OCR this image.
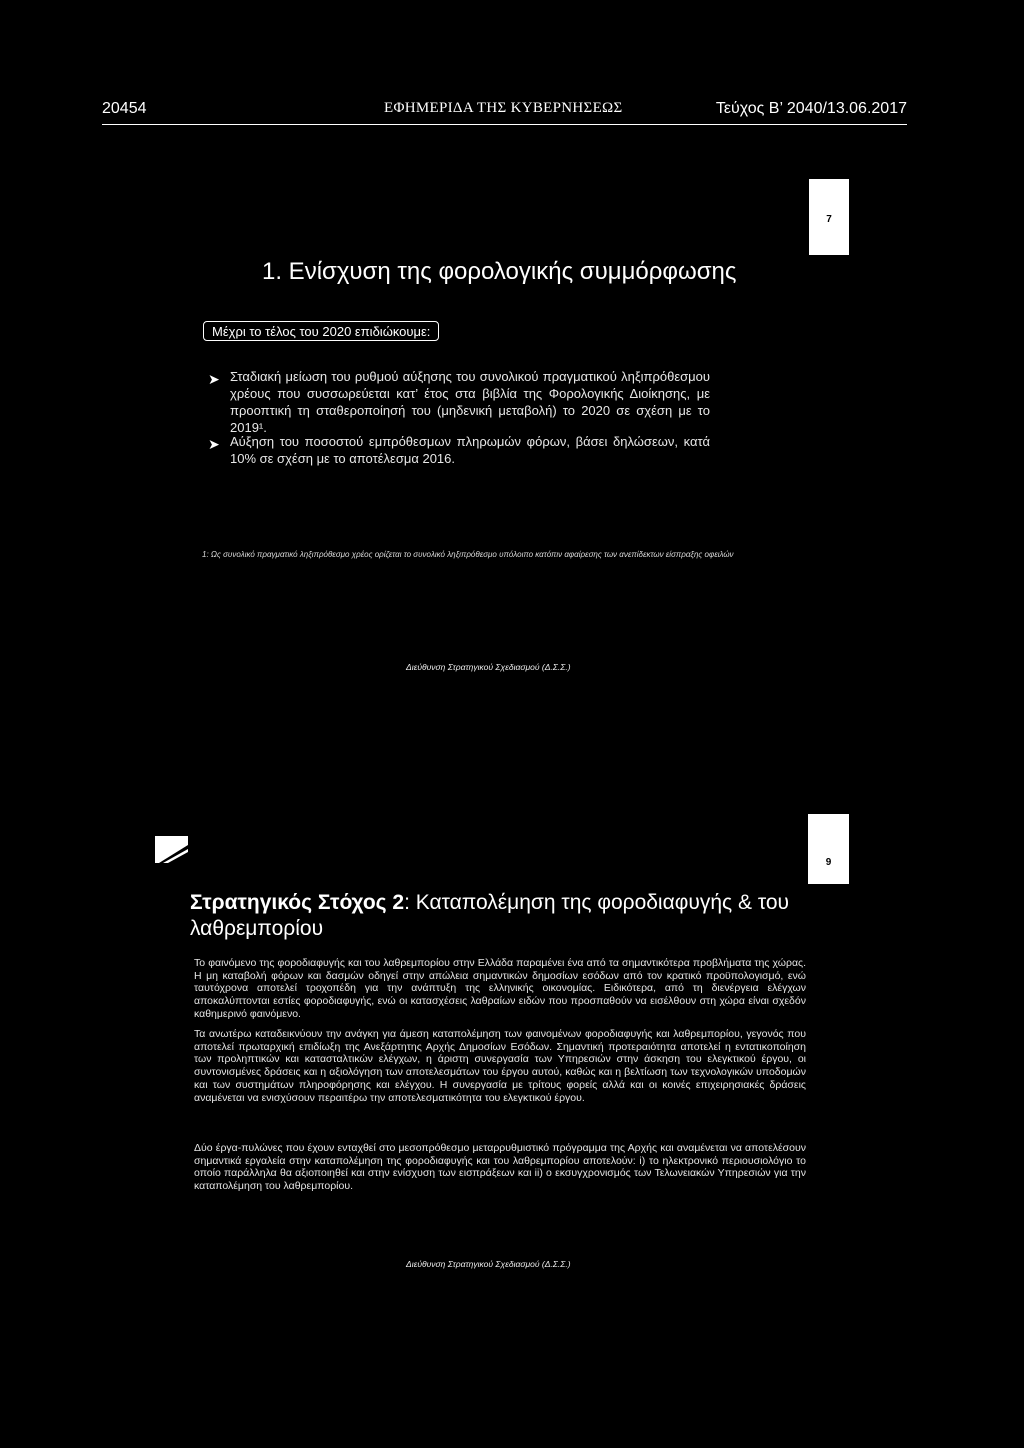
20454	ΕΦΗΜΕΡΙΔΑ ΤΗΣ ΚΥΒΕΡΝΗΣΕΩΣ	Τεύχος Β’ 2040/13.06.2017
7
1. Ενίσχυση της φορολογικής συμμόρφωσης
Μέχρι το τέλος του 2020 επιδιώκουμε:
➤ Σταδιακή μείωση του ρυθμού αύξησης του συνολικού πραγματικού ληξιπρόθεσμου χρέους που συσσωρεύεται κατ’ έτος στα βιβλία της Φορολογικής Διοίκησης, με προοπτική τη σταθεροποίησή του (μηδενική μεταβολή) το 2020 σε σχέση με το 2019¹.
➤ Αύξηση του ποσοστού εμπρόθεσμων πληρωμών φόρων, βάσει δηλώσεων, κατά 10% σε σχέση με το αποτέλεσμα 2016.
1: Ως συνολικό πραγματικό ληξιπρόθεσμο χρέος ορίζεται το συνολικό ληξιπρόθεσμο υπόλοιπο κατόπιν αφαίρεσης των ανεπίδεκτων είσπραξης οφειλών
Διεύθυνση Στρατηγικού Σχεδιασμού (Δ.Σ.Σ.)
9
Στρατηγικός Στόχος 2: Καταπολέμηση της φοροδιαφυγής & του λαθρεμπορίου
Το φαινόμενο της φοροδιαφυγής και του λαθρεμπορίου στην Ελλάδα παραμένει ένα από τα σημαντικότερα προβλήματα της χώρας. Η μη καταβολή φόρων και δασμών οδηγεί στην απώλεια σημαντικών δημοσίων εσόδων από τον κρατικό προϋπολογισμό, ενώ ταυτόχρονα αποτελεί τροχοπέδη για την ανάπτυξη της ελληνικής οικονομίας. Ειδικότερα, από τη διενέργεια ελέγχων αποκαλύπτονται εστίες φοροδιαφυγής, ενώ οι κατασχέσεις λαθραίων ειδών που προσπαθούν να εισέλθουν στη χώρα είναι σχεδόν καθημερινό φαινόμενο.
Τα ανωτέρω καταδεικνύουν την ανάγκη για άμεση καταπολέμηση των φαινομένων φοροδιαφυγής και λαθρεμπορίου, γεγονός που αποτελεί πρωταρχική επιδίωξη της Ανεξάρτητης Αρχής Δημοσίων Εσόδων. Σημαντική προτεραιότητα αποτελεί η εντατικοποίηση των προληπτικών και κατασταλτικών ελέγχων, η άριστη συνεργασία των Υπηρεσιών στην άσκηση του ελεγκτικού έργου, οι συντονισμένες δράσεις και η αξιολόγηση των αποτελεσμάτων του έργου αυτού, καθώς και η βελτίωση των τεχνολογικών υποδομών και των συστημάτων πληροφόρησης και ελέγχου. Η συνεργασία με τρίτους φορείς αλλά και οι κοινές επιχειρησιακές δράσεις αναμένεται να ενισχύσουν περαιτέρω την αποτελεσματικότητα του ελεγκτικού έργου.
Δύο έργα-πυλώνες που έχουν ενταχθεί στο μεσοπρόθεσμο μεταρρυθμιστικό πρόγραμμα της Αρχής και αναμένεται να αποτελέσουν σημαντικά εργαλεία στην καταπολέμηση της φοροδιαφυγής και του λαθρεμπορίου αποτελούν: i) το ηλεκτρονικό περιουσιολόγιο το οποίο παράλληλα θα αξιοποιηθεί και στην ενίσχυση των εισπράξεων και ii) ο εκσυγχρονισμός των Τελωνειακών Υπηρεσιών για την καταπολέμηση του λαθρεμπορίου.
Διεύθυνση Στρατηγικού Σχεδιασμού (Δ.Σ.Σ.)
